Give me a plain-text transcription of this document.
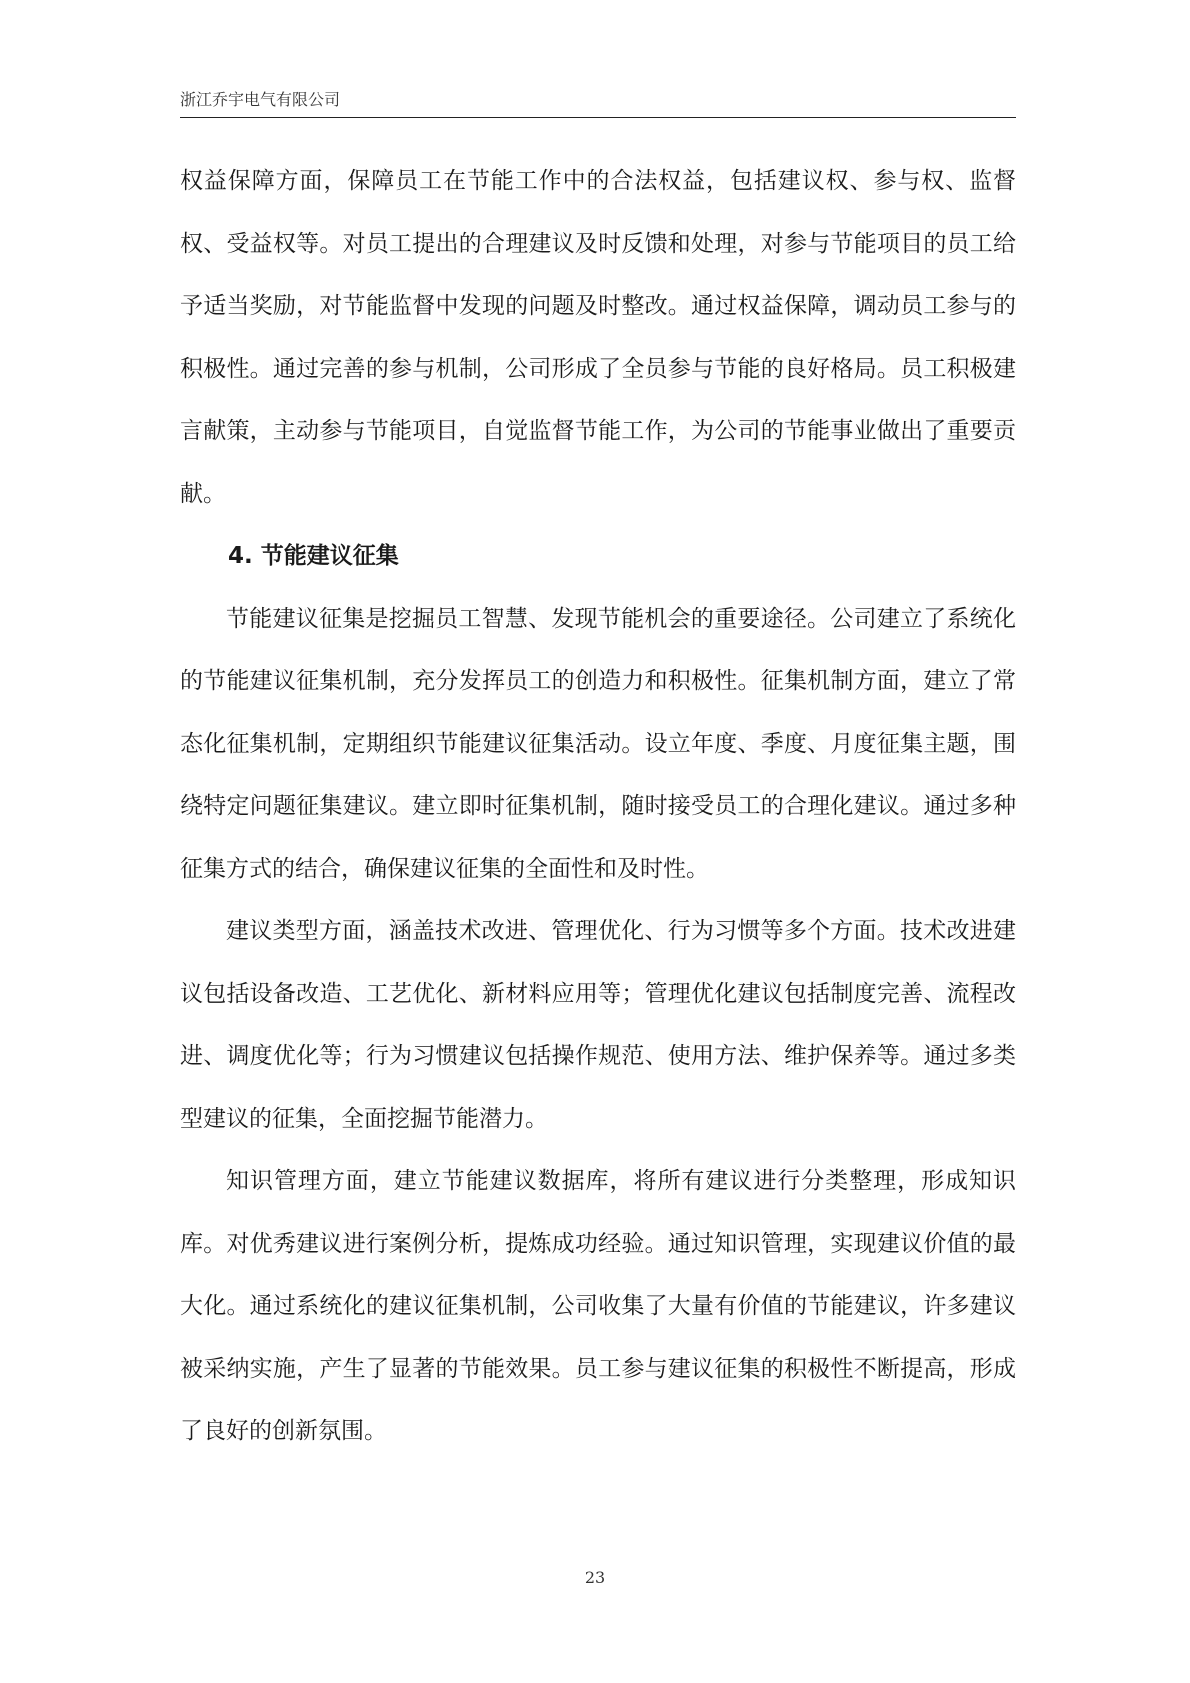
浙江乔宇电气有限公司

权益保障方面，保障员工在节能工作中的合法权益，包括建议权、参与权、监督权、受益权等。对员工提出的合理建议及时反馈和处理，对参与节能项目的员工给予适当奖励，对节能监督中发现的问题及时整改。通过权益保障，调动员工参与的积极性。通过完善的参与机制，公司形成了全员参与节能的良好格局。员工积极建言献策，主动参与节能项目，自觉监督节能工作，为公司的节能事业做出了重要贡献。

4. 节能建议征集

节能建议征集是挖掘员工智慧、发现节能机会的重要途径。公司建立了系统化的节能建议征集机制，充分发挥员工的创造力和积极性。征集机制方面，建立了常态化征集机制，定期组织节能建议征集活动。设立年度、季度、月度征集主题，围绕特定问题征集建议。建立即时征集机制，随时接受员工的合理化建议。通过多种征集方式的结合，确保建议征集的全面性和及时性。

建议类型方面，涵盖技术改进、管理优化、行为习惯等多个方面。技术改进建议包括设备改造、工艺优化、新材料应用等；管理优化建议包括制度完善、流程改进、调度优化等；行为习惯建议包括操作规范、使用方法、维护保养等。通过多类型建议的征集，全面挖掘节能潜力。

知识管理方面，建立节能建议数据库，将所有建议进行分类整理，形成知识库。对优秀建议进行案例分析，提炼成功经验。通过知识管理，实现建议价值的最大化。通过系统化的建议征集机制，公司收集了大量有价值的节能建议，许多建议被采纳实施，产生了显著的节能效果。员工参与建议征集的积极性不断提高，形成了良好的创新氛围。

23
